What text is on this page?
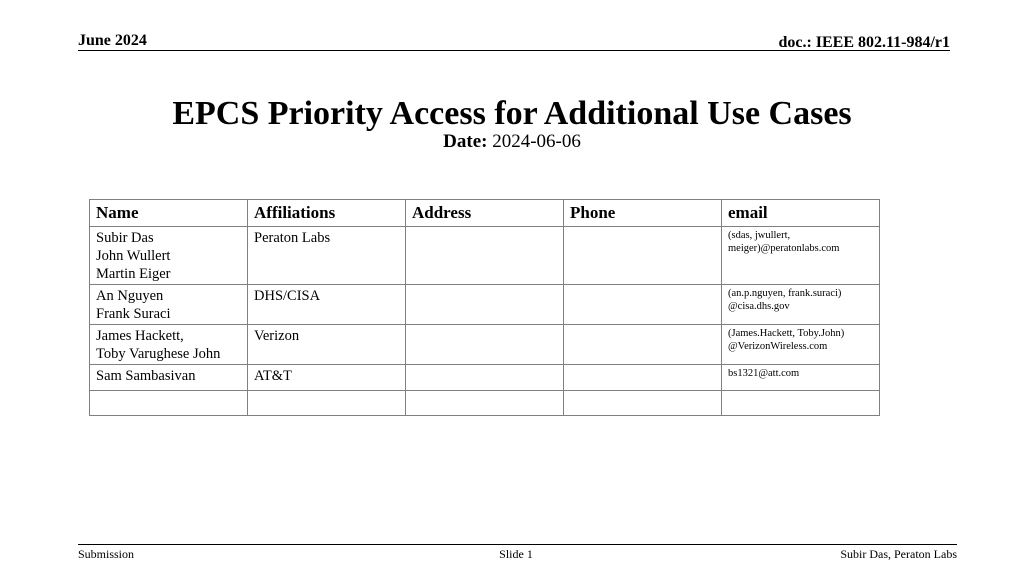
June 2024	doc.: IEEE 802.11-984/r1
EPCS Priority Access for Additional Use Cases
Date: 2024-06-06
Name	Affiliations	Address	Phone	email

Subir Das
John Wullert
Martin Eiger	Peraton Labs			(sdas, jwullert,
meiger)@peratonlabs.com

An Nguyen
Frank Suraci	DHS/CISA			(an.p.nguyen, frank.suraci)
@cisa.dhs.gov

James Hackett,
Toby Varughese John	Verizon			(James.Hackett, Toby.John)
@VerizonWireless.com

Sam Sambasivan	AT&T			bs1321@att.com

Submission	Slide 1	Subir Das, Peraton Labs
